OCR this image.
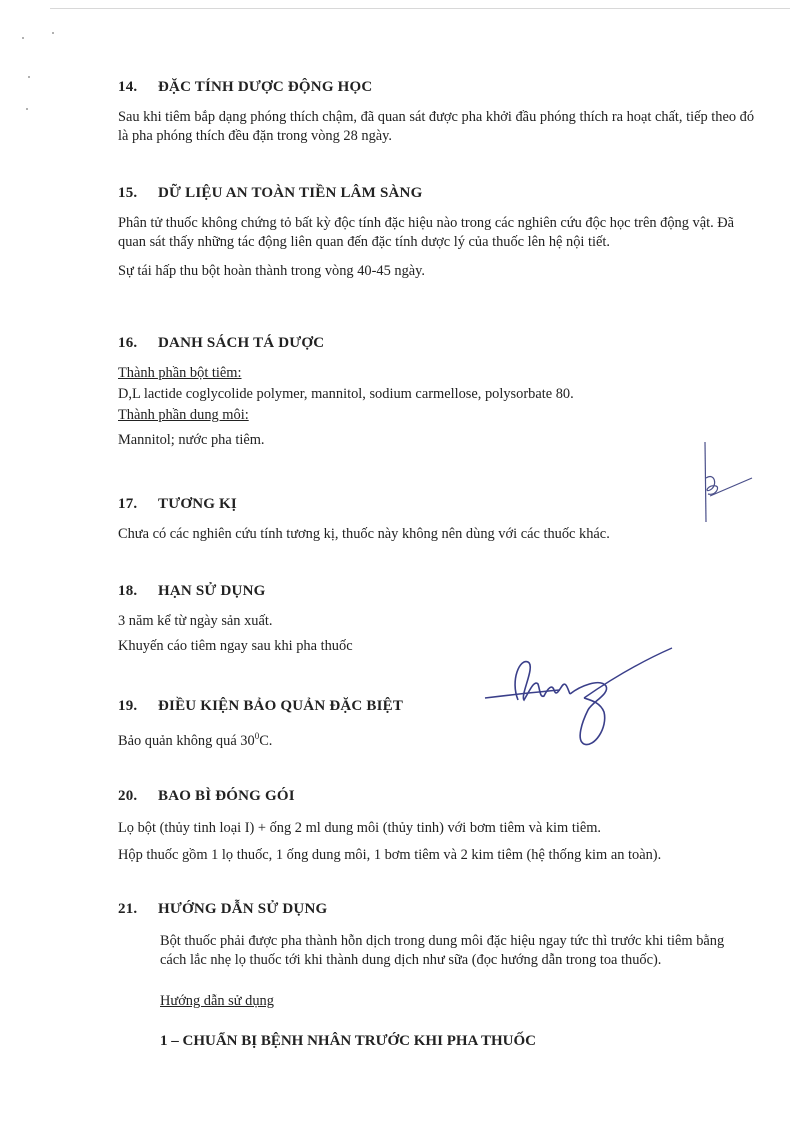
14.	ĐẶC TÍNH DƯỢC ĐỘNG HỌC

Sau khi tiêm bắp dạng phóng thích chậm, đã quan sát được pha khởi đầu phóng thích ra hoạt chất, tiếp theo đó là pha phóng thích đều đặn trong vòng 28 ngày.

15.	DỮ LIỆU AN TOÀN TIỀN LÂM SÀNG

Phân tử thuốc không chứng tỏ bất kỳ độc tính đặc hiệu nào trong các nghiên cứu độc học trên động vật. Đã quan sát thấy những tác động liên quan đến đặc tính dược lý của thuốc lên hệ nội tiết.

Sự tái hấp thu bột hoàn thành trong vòng 40-45 ngày.

16.	DANH SÁCH TÁ DƯỢC
Thành phần bột tiêm:
D,L lactide coglycolide polymer, mannitol, sodium carmellose, polysorbate 80.
Thành phần dung môi:
Mannitol; nước pha tiêm.
17.	TƯƠNG KỊ

Chưa có các nghiên cứu tính tương kị, thuốc này không nên dùng với các thuốc khác.

18.	HẠN SỬ DỤNG

3 năm kể từ ngày sản xuất.

Khuyến cáo tiêm ngay sau khi pha thuốc

19.	ĐIỀU KIỆN BẢO QUẢN ĐẶC BIỆT

Bảo quản không quá $30^0C$.

20.	BAO BÌ ĐÓNG GÓI

Lọ bột (thủy tinh loại I) + ống 2 ml dung môi (thủy tinh) với bơm tiêm và kim tiêm.

Hộp thuốc gồm 1 lọ thuốc, 1 ống dung môi, 1 bơm tiêm và 2 kim tiêm (hệ thống kim an toàn).

21.	HƯỚNG DẪN SỬ DỤNG

Bột thuốc phải được pha thành hỗn dịch trong dung môi đặc hiệu ngay tức thì trước khi tiêm bằng cách lắc nhẹ lọ thuốc tới khi thành dung dịch như sữa (đọc hướng dẫn trong toa thuốc).

Hướng dẫn sử dụng

1 – CHUẨN BỊ BỆNH NHÂN TRƯỚC KHI PHA THUỐC
